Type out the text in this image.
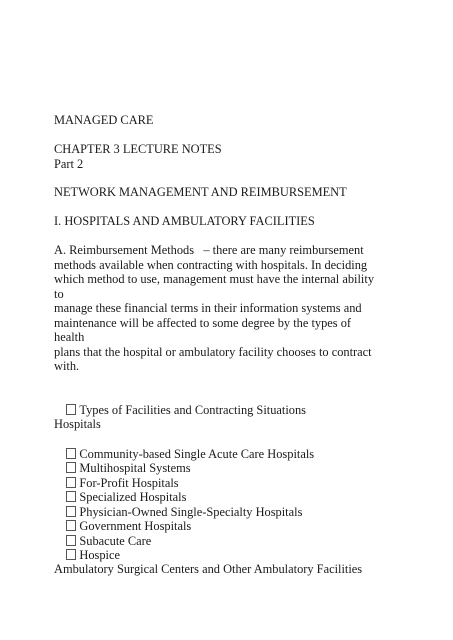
MANAGED CARE
CHAPTER 3 LECTURE NOTES
Part 2
NETWORK MANAGEMENT AND REIMBURSEMENT
I. HOSPITALS AND AMBULATORY FACILITIES
A. Reimbursement Methods   – there are many reimbursement
methods available when contracting with hospitals. In deciding
which method to use, management must have the internal ability
to
manage these financial terms in their information systems and
maintenance will be affected to some degree by the types of
health
plans that the hospital or ambulatory facility chooses to contract
with.

Types of Facilities and Contracting Situations

Hospitals

Community-based Single Acute Care Hospitals

Multihospital Systems

For-Profit Hospitals

Specialized Hospitals

Physician-Owned Single-Specialty Hospitals

Government Hospitals

Subacute Care

Hospice

Ambulatory Surgical Centers and Other Ambulatory Facilities
